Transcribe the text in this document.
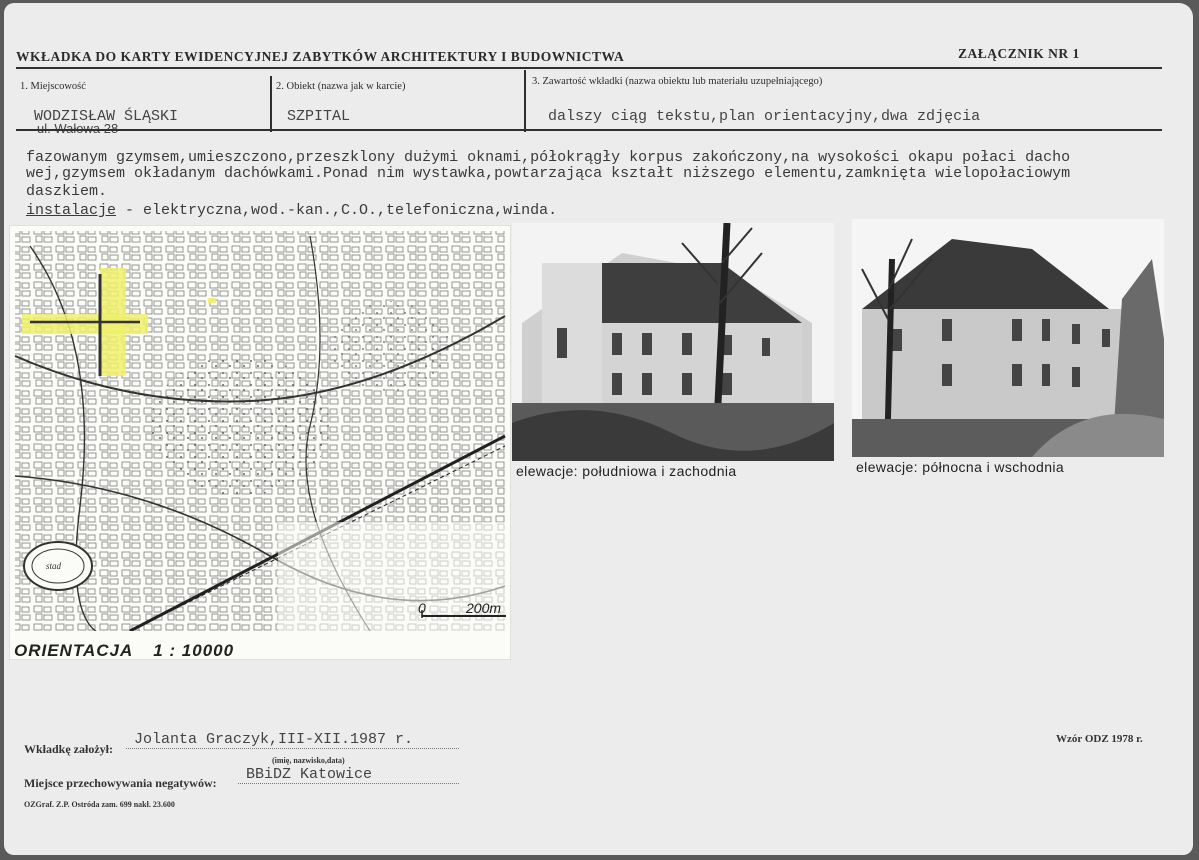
WKŁADKA DO KARTY EWIDENCYJNEJ ZABYTKÓW ARCHITEKTURY I BUDOWNICTWA	ZAŁĄCZNIK NR 1
1. Miejscowość	2. Obiekt (nazwa jak w karcie)	3. Zawartość wkładki (nazwa obiektu lub materiału uzupełniającego)
WODZISŁAW ŚLĄSKI	SZPITAL	dalszy ciąg tekstu,plan orientacyjny,dwa zdjęcia
fazowanym gzymsem,umieszczono,przeszklony dużymi oknami,półokrągły korpus zakończony,na wysokości okapu połaci dacho
wej,gzymsem okładanym dachówkami.Ponad nim wystawka,powtarzająca kształt niższego elementu,zamknięta wielopołaciowym
daszkiem.
instalacje - elektryczna,wod.-kan.,C.O.,telefoniczna,winda.
stad
0	200m
ORIENTACJA 1 : 10000
elewacje: południowa i zachodnia	elewacje: północna i wschodnia
Wkładkę założył:
Jolanta Graczyk,III-XII.1987 r.
(imię, nazwisko,data)
Miejsce przechowywania negatywów:	BBiDZ Katowice
Wzór ODZ 1978 r.
OZGraf. Z.P. Ostróda zam. 699 nakł. 23.600
